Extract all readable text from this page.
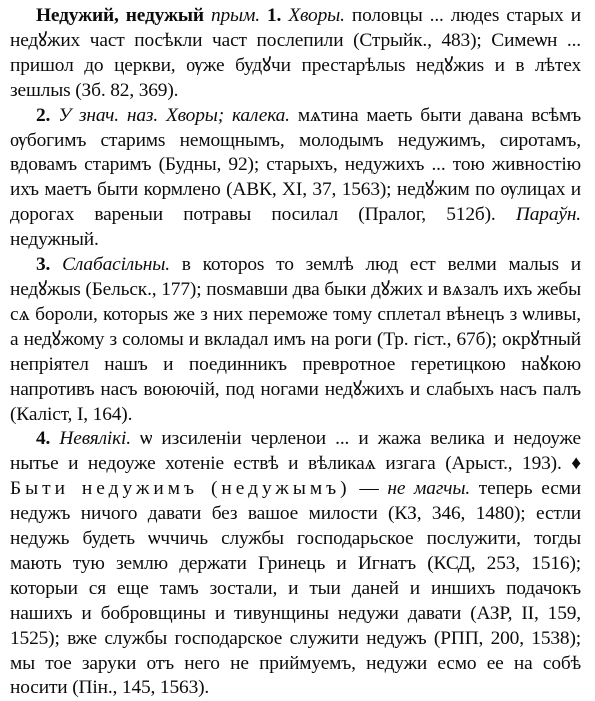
Недужий, недужый прым. 1. Хворы. половцы ... людеs старых и недꙋжих част посѣкли част послепили (Стрыйк., 483); Симеѡн ... пришол до церкви, ѹже будꙋчи престарѣлыs недꙋжиs и в лѣтех зешлыs (Зб. 82, 369).

2. У знач. наз. Хворы; калека. мѧтина маеть быти давана всѣмъ ѹбогимъ старимs немощнымъ, молодымъ недужимъ, сиротамъ, вдовамъ старимъ (Будны, 92); старыхъ, недужихъ ... тою живностію ихъ маетъ быти кормлено (АВК, XI, 37, 1563); недꙋжим по ѹлицах и дорогах вареныи потравы посилал (Пралог, 512б). Параўн. недужный.

3. Слабасільны. в котороs то землѣ люд ест велми малыs и недꙋжыs (Бельск., 177); поsмавши два быки дꙋжих и вѧзалъ ихъ жебы сѧ бороли, которыs же з них переможе тому сплетал вѣнецъ з ѡливы, а недꙋжому з соломы и вкладал имъ на роги (Тр. гіст., 67б); окрꙋтный непріятел нашъ и поединникъ превротное геретицкою наꙋкою напротивъ насъ воюючій, под ногами недꙋжихъ и слабыхъ насъ палъ (Каліст, I, 164).

4. Невялікі. ѡ изсиленіи черленои ... и жажа велика и недоуже нытье и недоуже хотеніе ествѣ и вѣликаѧ изгага (Арыст., 193). ♦ Быти недужимъ (недужымъ) — не магчы. теперь есми недужъ ничого давати без вашое милости (КЗ, 346, 1480); естли недужь будеть ѡччичь службы господарьское послужити, тогды мають тую землю держати Гринець и Игнатъ (КСД, 253, 1516); которыи ся еще тамъ зостали, и тыи даней и иншихъ подачокъ нашихъ и бобровщины и тивунщины недужи давати (АЗР, II, 159, 1525); вже службы господарское служити недужъ (РПП, 200, 1538); мы тое заруки отъ него не приймуемъ, недужи есмо ее на собѣ носити (Пін., 145, 1563).
